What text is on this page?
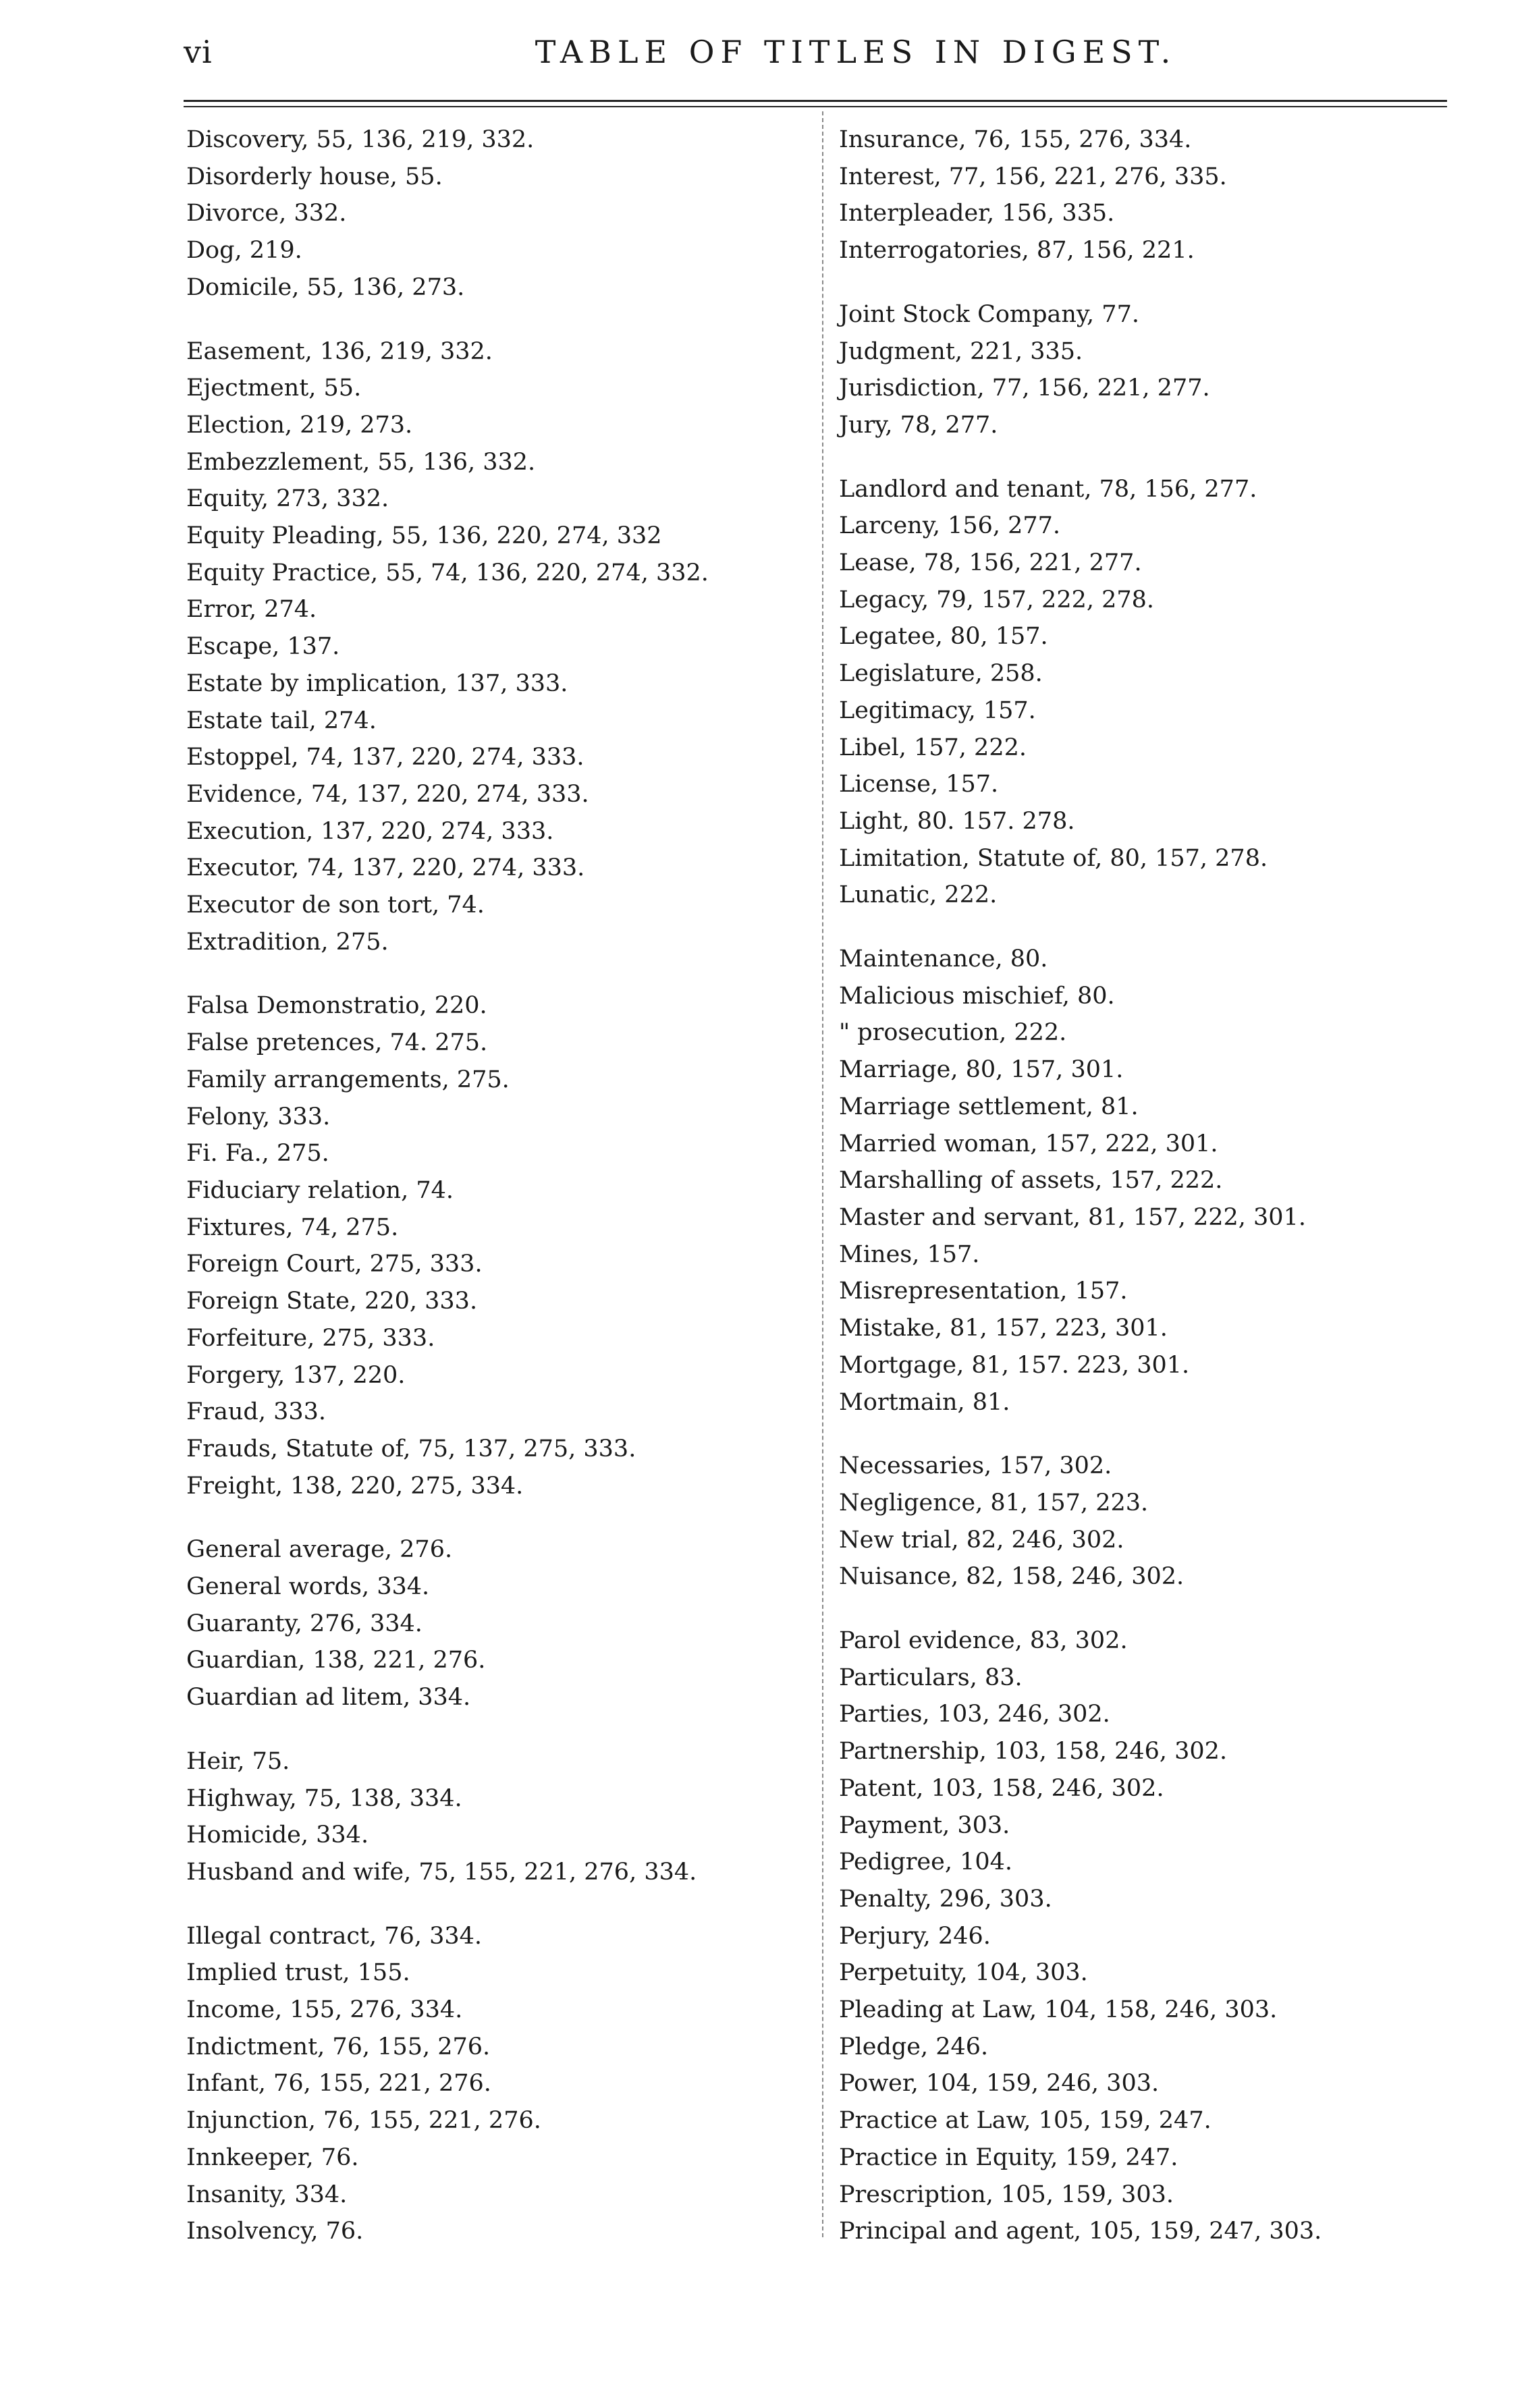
vi	TABLE OF TITLES IN DIGEST.
Discovery, 55, 136, 219, 332.
Disorderly house, 55.
Divorce, 332.
Dog, 219.
Domicile, 55, 136, 273.
Easement, 136, 219, 332.
Ejectment, 55.
Election, 219, 273.
Embezzlement, 55, 136, 332.
Equity, 273, 332.
Equity Pleading, 55, 136, 220, 274, 332
Equity Practice, 55, 74, 136, 220, 274, 332.
Error, 274.
Escape, 137.
Estate by implication, 137, 333.
Estate tail, 274.
Estoppel, 74, 137, 220, 274, 333.
Evidence, 74, 137, 220, 274, 333.
Execution, 137, 220, 274, 333.
Executor, 74, 137, 220, 274, 333.
Executor de son tort, 74.
Extradition, 275.
Falsa Demonstratio, 220.
False pretences, 74. 275.
Family arrangements, 275.
Felony, 333.
Fi. Fa., 275.
Fiduciary relation, 74.
Fixtures, 74, 275.
Foreign Court, 275, 333.
Foreign State, 220, 333.
Forfeiture, 275, 333.
Forgery, 137, 220.
Fraud, 333.
Frauds, Statute of, 75, 137, 275, 333.
Freight, 138, 220, 275, 334.
General average, 276.
General words, 334.
Guaranty, 276, 334.
Guardian, 138, 221, 276.
Guardian ad litem, 334.
Heir, 75.
Highway, 75, 138, 334.
Homicide, 334.
Husband and wife, 75, 155, 221, 276, 334.
Illegal contract, 76, 334.
Implied trust, 155.
Income, 155, 276, 334.
Indictment, 76, 155, 276.
Infant, 76, 155, 221, 276.
Injunction, 76, 155, 221, 276.
Innkeeper, 76.
Insanity, 334.
Insolvency, 76.
Insurance, 76, 155, 276, 334.
Interest, 77, 156, 221, 276, 335.
Interpleader, 156, 335.
Interrogatories, 87, 156, 221.
Joint Stock Company, 77.
Judgment, 221, 335.
Jurisdiction, 77, 156, 221, 277.
Jury, 78, 277.
Landlord and tenant, 78, 156, 277.
Larceny, 156, 277.
Lease, 78, 156, 221, 277.
Legacy, 79, 157, 222, 278.
Legatee, 80, 157.
Legislature, 258.
Legitimacy, 157.
Libel, 157, 222.
License, 157.
Light, 80. 157. 278.
Limitation, Statute of, 80, 157, 278.
Lunatic, 222.
Maintenance, 80.
Malicious mischief, 80.
" prosecution, 222.
Marriage, 80, 157, 301.
Marriage settlement, 81.
Married woman, 157, 222, 301.
Marshalling of assets, 157, 222.
Master and servant, 81, 157, 222, 301.
Mines, 157.
Misrepresentation, 157.
Mistake, 81, 157, 223, 301.
Mortgage, 81, 157. 223, 301.
Mortmain, 81.
Necessaries, 157, 302.
Negligence, 81, 157, 223.
New trial, 82, 246, 302.
Nuisance, 82, 158, 246, 302.
Parol evidence, 83, 302.
Particulars, 83.
Parties, 103, 246, 302.
Partnership, 103, 158, 246, 302.
Patent, 103, 158, 246, 302.
Payment, 303.
Pedigree, 104.
Penalty, 296, 303.
Perjury, 246.
Perpetuity, 104, 303.
Pleading at Law, 104, 158, 246, 303.
Pledge, 246.
Power, 104, 159, 246, 303.
Practice at Law, 105, 159, 247.
Practice in Equity, 159, 247.
Prescription, 105, 159, 303.
Principal and agent, 105, 159, 247, 303.
